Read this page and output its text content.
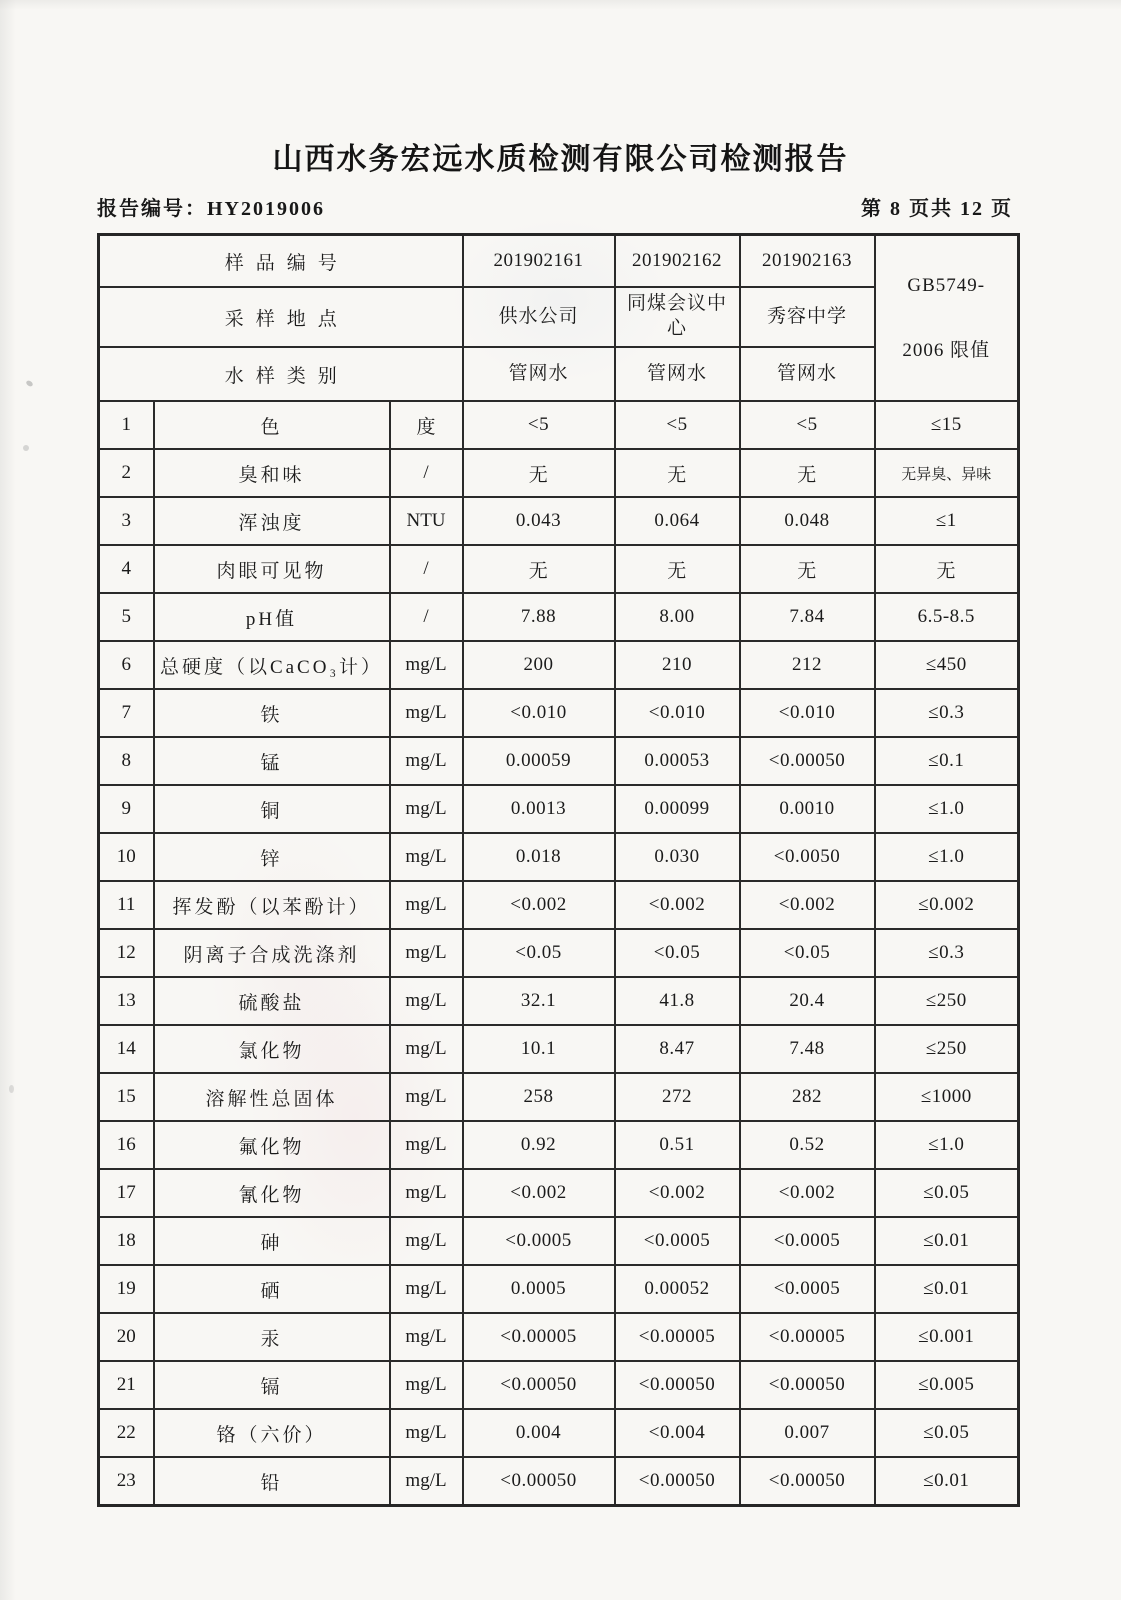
山西水务宏远水质检测有限公司检测报告
报告编号：HY2019006	第 8 页共 12 页
样品编号			201902161	201902162	201902163	GB5749-
2006 限值

采样地点			供水公司	同煤会议中心	秀容中学	
水样类别			管网水	管网水	管网水	
1	色	度	<5	<5	<5	≤15
2	臭和味	/	无	无	无	无异臭、异味
3	浑浊度	NTU	0.043	0.064	0.048	≤1
4	肉眼可见物	/	无	无	无	无
5	pH值	/	7.88	8.00	7.84	6.5-8.5
6	总硬度（以CaCO₃计）	mg/L	200	210	212	≤450
7	铁	mg/L	<0.010	<0.010	<0.010	≤0.3
8	锰	mg/L	0.00059	0.00053	<0.00050	≤0.1
9	铜	mg/L	0.0013	0.00099	0.0010	≤1.0
10	锌	mg/L	0.018	0.030	<0.0050	≤1.0
11	挥发酚（以苯酚计）	mg/L	<0.002	<0.002	<0.002	≤0.002
12	阴离子合成洗涤剂	mg/L	<0.05	<0.05	<0.05	≤0.3
13	硫酸盐	mg/L	32.1	41.8	20.4	≤250
14	氯化物	mg/L	10.1	8.47	7.48	≤250
15	溶解性总固体	mg/L	258	272	282	≤1000
16	氟化物	mg/L	0.92	0.51	0.52	≤1.0
17	氰化物	mg/L	<0.002	<0.002	<0.002	≤0.05
18	砷	mg/L	<0.0005	<0.0005	<0.0005	≤0.01
19	硒	mg/L	0.0005	0.00052	<0.0005	≤0.01
20	汞	mg/L	<0.00005	<0.00005	<0.00005	≤0.001
21	镉	mg/L	<0.00050	<0.00050	<0.00050	≤0.005
22	铬（六价）	mg/L	0.004	<0.004	0.007	≤0.05
23	铅	mg/L	<0.00050	<0.00050	<0.00050	≤0.01
